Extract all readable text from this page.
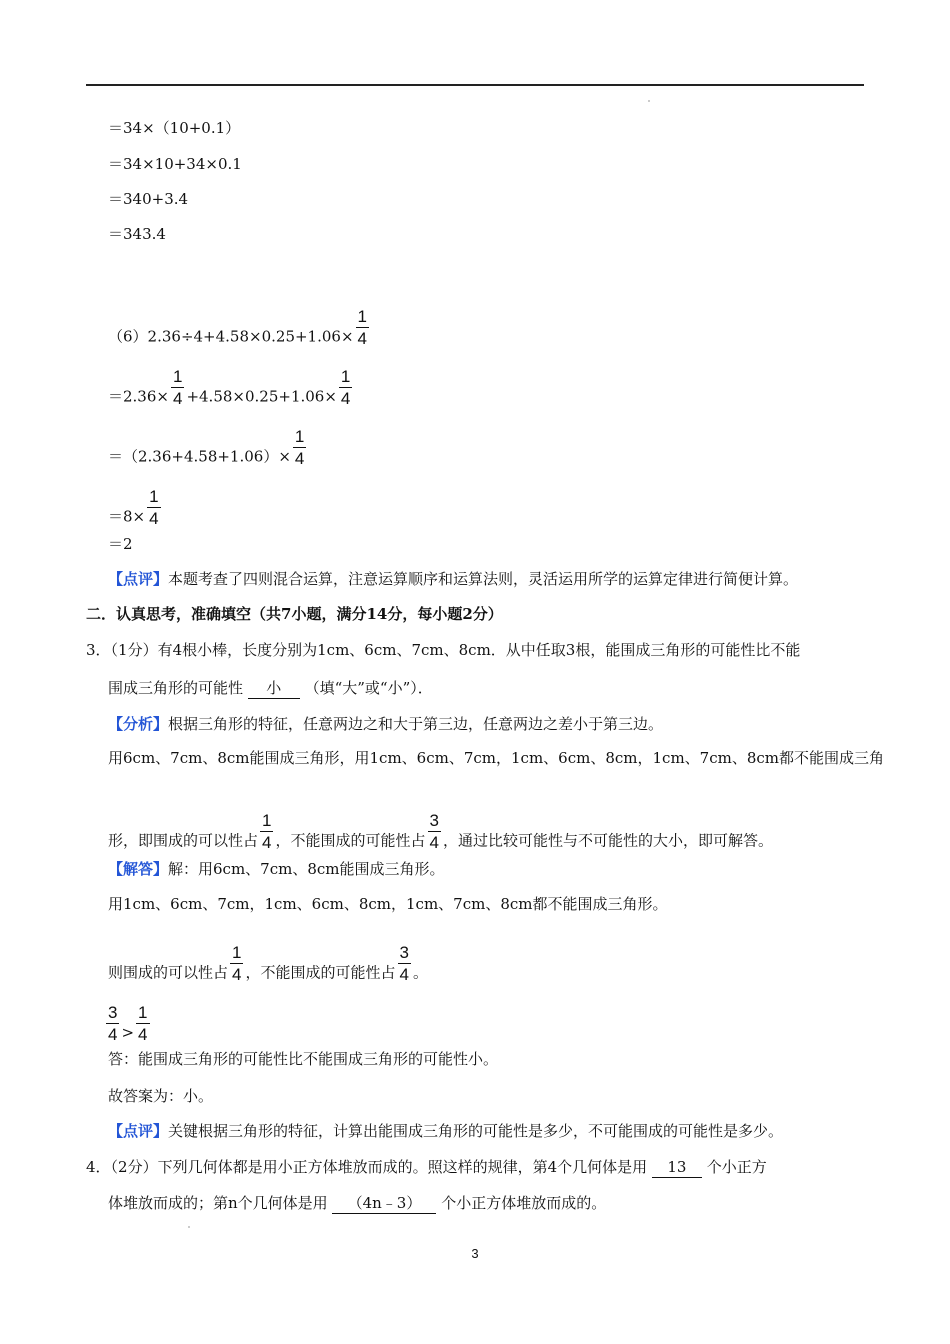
＝34×（10+0.1）
＝34×10+34×0.1
＝340+3.4
＝343.4
$(6)2.36\div 4+4.58\times 0.25+1.06\times \frac{1}{4}$
$=2.36\times \frac{1}{4} +4.58\times 0.25+1.06\times \frac{1}{4}$
$=(2.36+4.58+1.06)\times \frac{1}{4}$
$=8\times \frac{1}{4}$
＝2
【点评】本题考查了四则混合运算，注意运算顺序和运算法则，灵活运用所学的运算定律进行简便计算。
二．认真思考，准确填空（共7小题，满分14分，每小题2分）
3．（1分）有4根小棒，长度分别为1cm、6cm、7cm、8cm．从中任取3根，能围成三角形的可能性比不能
围成三角形的可能性 小 （填“大”或“小”）．
【分析】根据三角形的特征，任意两边之和大于第三边，任意两边之差小于第三边。
用6cm、7cm、8cm能围成三角形，用1cm、6cm、7cm，1cm、6cm、8cm，1cm、7cm、8cm都不能围成三角
形，即围成的可以性占 $\frac{1}{4}$ ，不能围成的可能性占 $\frac{3}{4}$ ，通过比较可能性与不可能性的大小，即可解答。
【解答】解：用6cm、7cm、8cm能围成三角形。
用1cm、6cm、7cm，1cm、6cm、8cm，1cm、7cm、8cm都不能围成三角形。
则围成的可以性占 $\frac{1}{4}$ ，不能围成的可能性占 $\frac{3}{4}$ 。
$\frac{3}{4} > \frac{1}{4}$
答：能围成三角形的可能性比不能围成三角形的可能性小。
故答案为：小。
【点评】关键根据三角形的特征，计算出能围成三角形的可能性是多少，不可能围成的可能性是多少。
4．（2分）下列几何体都是用小正方体堆放而成的。照这样的规律，第4个几何体是用 13 个小正方
体堆放而成的；第n个几何体是用 （4n﹣3） 个小正方体堆放而成的。
3
